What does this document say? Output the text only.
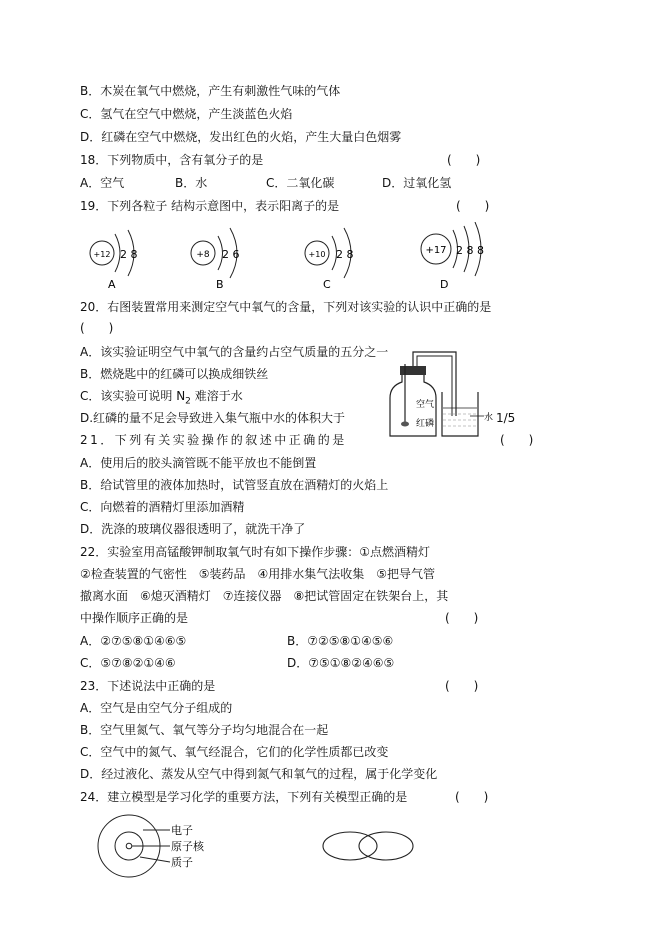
B．木炭在氧气中燃烧，产生有刺激性气味的气体
C．氢气在空气中燃烧，产生淡蓝色火焰
D．红磷在空气中燃烧，发出红色的火焰，产生大量白色烟雾
18．下列物质中，含有氧分子的是	(　　)
A．空气	B．水	C．二氧化碳	D．过氧化氢
19．下列各粒子 结构示意图中，表示阳离子的是	(　　)
+12 2 8
A
+8 2 6
B
+10 2 8
C
+17 2 8 8
D
20．右图装置常用来测定空气中氧气的含量，下列对该实验的认识中正确的是
(　　)
A．该实验证明空气中氧气的含量约占空气质量的五分之一
B．燃烧匙中的红磷可以换成细铁丝
C．该实验可说明 $N_2$ 难溶于水
D.红磷的量不足会导致进入集气瓶中水的体积大于	1/5
空气
红磷
水
21．下列有关实验操作的叙述中正确的是	(　　)
A．使用后的胶头滴管既不能平放也不能倒置
B．给试管里的液体加热时，试管竖直放在酒精灯的火焰上
C．向燃着的酒精灯里添加酒精
D．洗涤的玻璃仪器很透明了，就洗干净了
22．实验室用高锰酸钾制取氧气时有如下操作步骤：①点燃酒精灯
②检查装置的气密性　⑤装药品　④用排水集气法收集　⑤把导气管
撤离水面　⑥熄灭酒精灯　⑦连接仪器　⑧把试管固定在铁架台上，其
中操作顺序正确的是	(　　)
A．②⑦⑤⑧①④⑥⑤	B．⑦②⑤⑧①④⑤⑥
C．⑤⑦⑧②①④⑥	D．⑦⑤①⑧②④⑥⑤
23．下述说法中正确的是	(　　)
A．空气是由空气分子组成的
B．空气里氮气、氧气等分子均匀地混合在一起
C．空气中的氮气、氧气经混合，它们的化学性质都已改变
D．经过液化、蒸发从空气中得到氮气和氧气的过程，属于化学变化
24．建立模型是学习化学的重要方法，下列有关模型正确的是	(　　)
电子
原子核
质子
